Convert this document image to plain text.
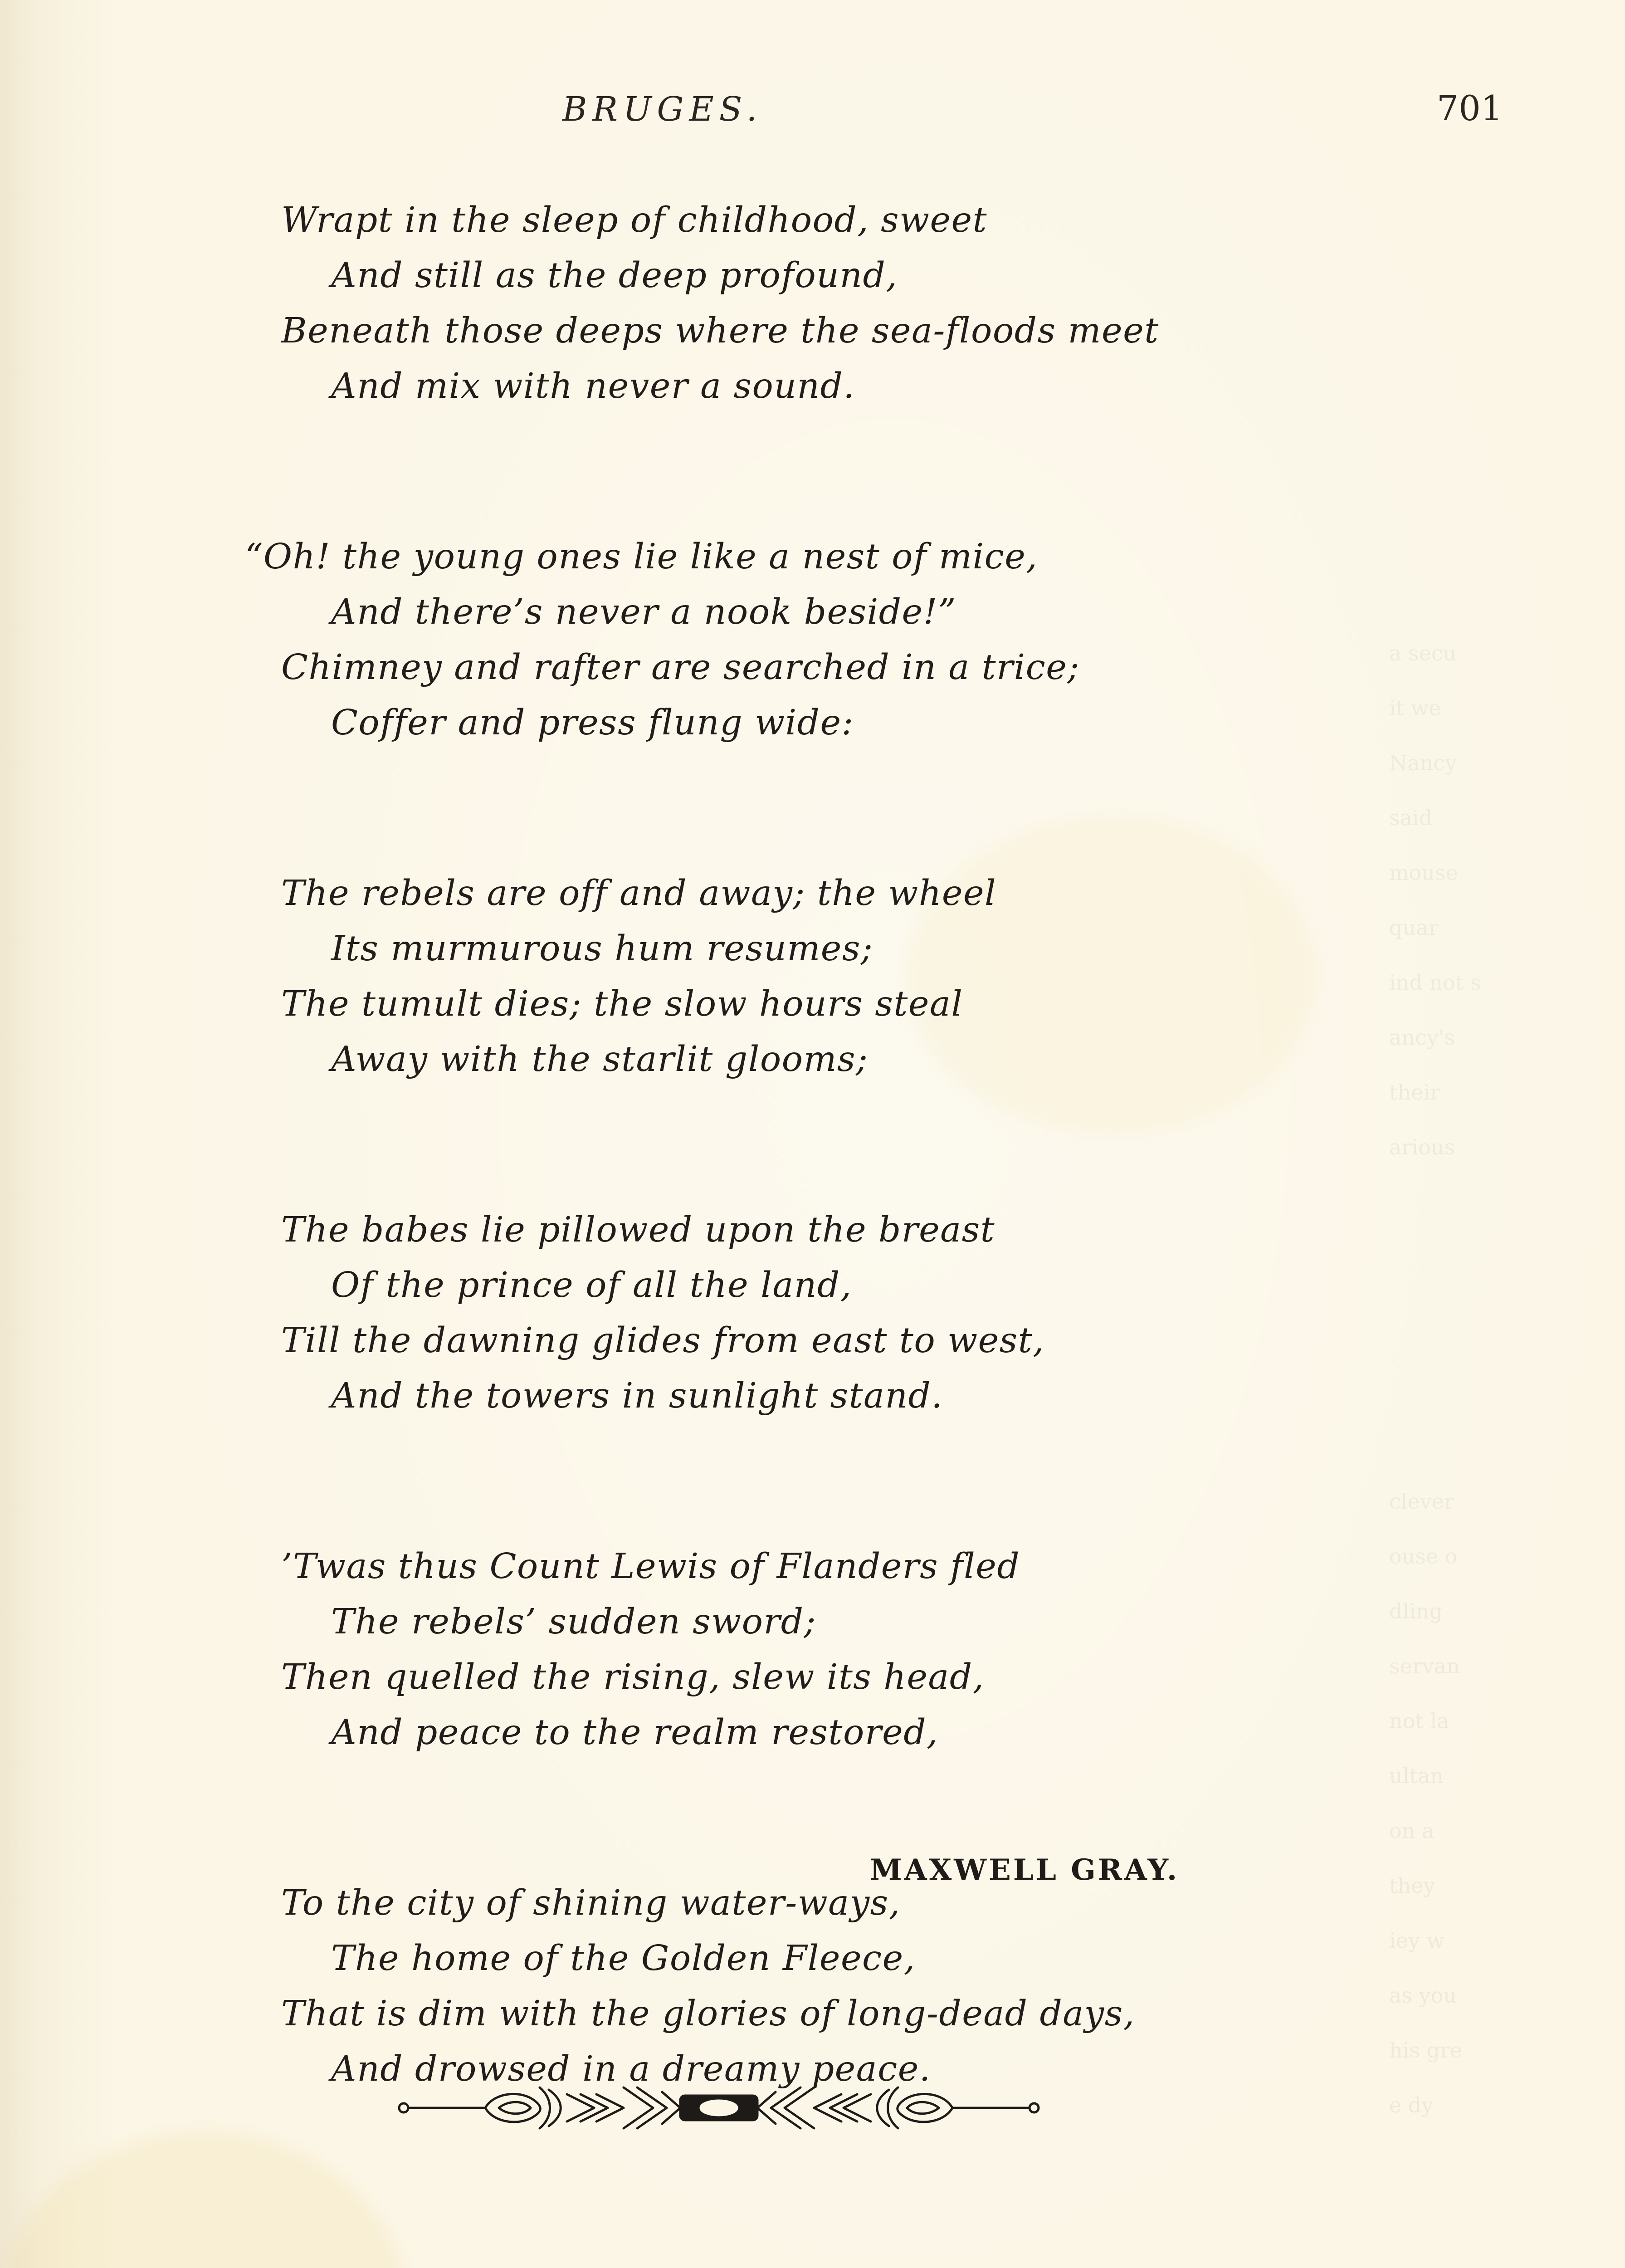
a secu
it we
Nancy
said
mouse
quar
ind not s
ancy's
their
arious
clever
ouse o
dling
servan
not la
ultan
on a
they
iey w
as you
his gre
e dy
BRUGES.	701
Wrapt in the sleep of childhood, sweet
And still as the deep profound,
Beneath those deeps where the sea-floods meet
And mix with never a sound.
“Oh! the young ones lie like a nest of mice,
And there’s never a nook beside!”
Chimney and rafter are searched in a trice;
Coffer and press flung wide:
The rebels are off and away; the wheel
Its murmurous hum resumes;
The tumult dies; the slow hours steal
Away with the starlit glooms;
The babes lie pillowed upon the breast
Of the prince of all the land,
Till the dawning glides from east to west,
And the towers in sunlight stand.
’Twas thus Count Lewis of Flanders fled
The rebels’ sudden sword;
Then quelled the rising, slew its head,
And peace to the realm restored,
To the city of shining water-ways,
The home of the Golden Fleece,
That is dim with the glories of long-dead days,
And drowsed in a dreamy peace.
MAXWELL GRAY.
